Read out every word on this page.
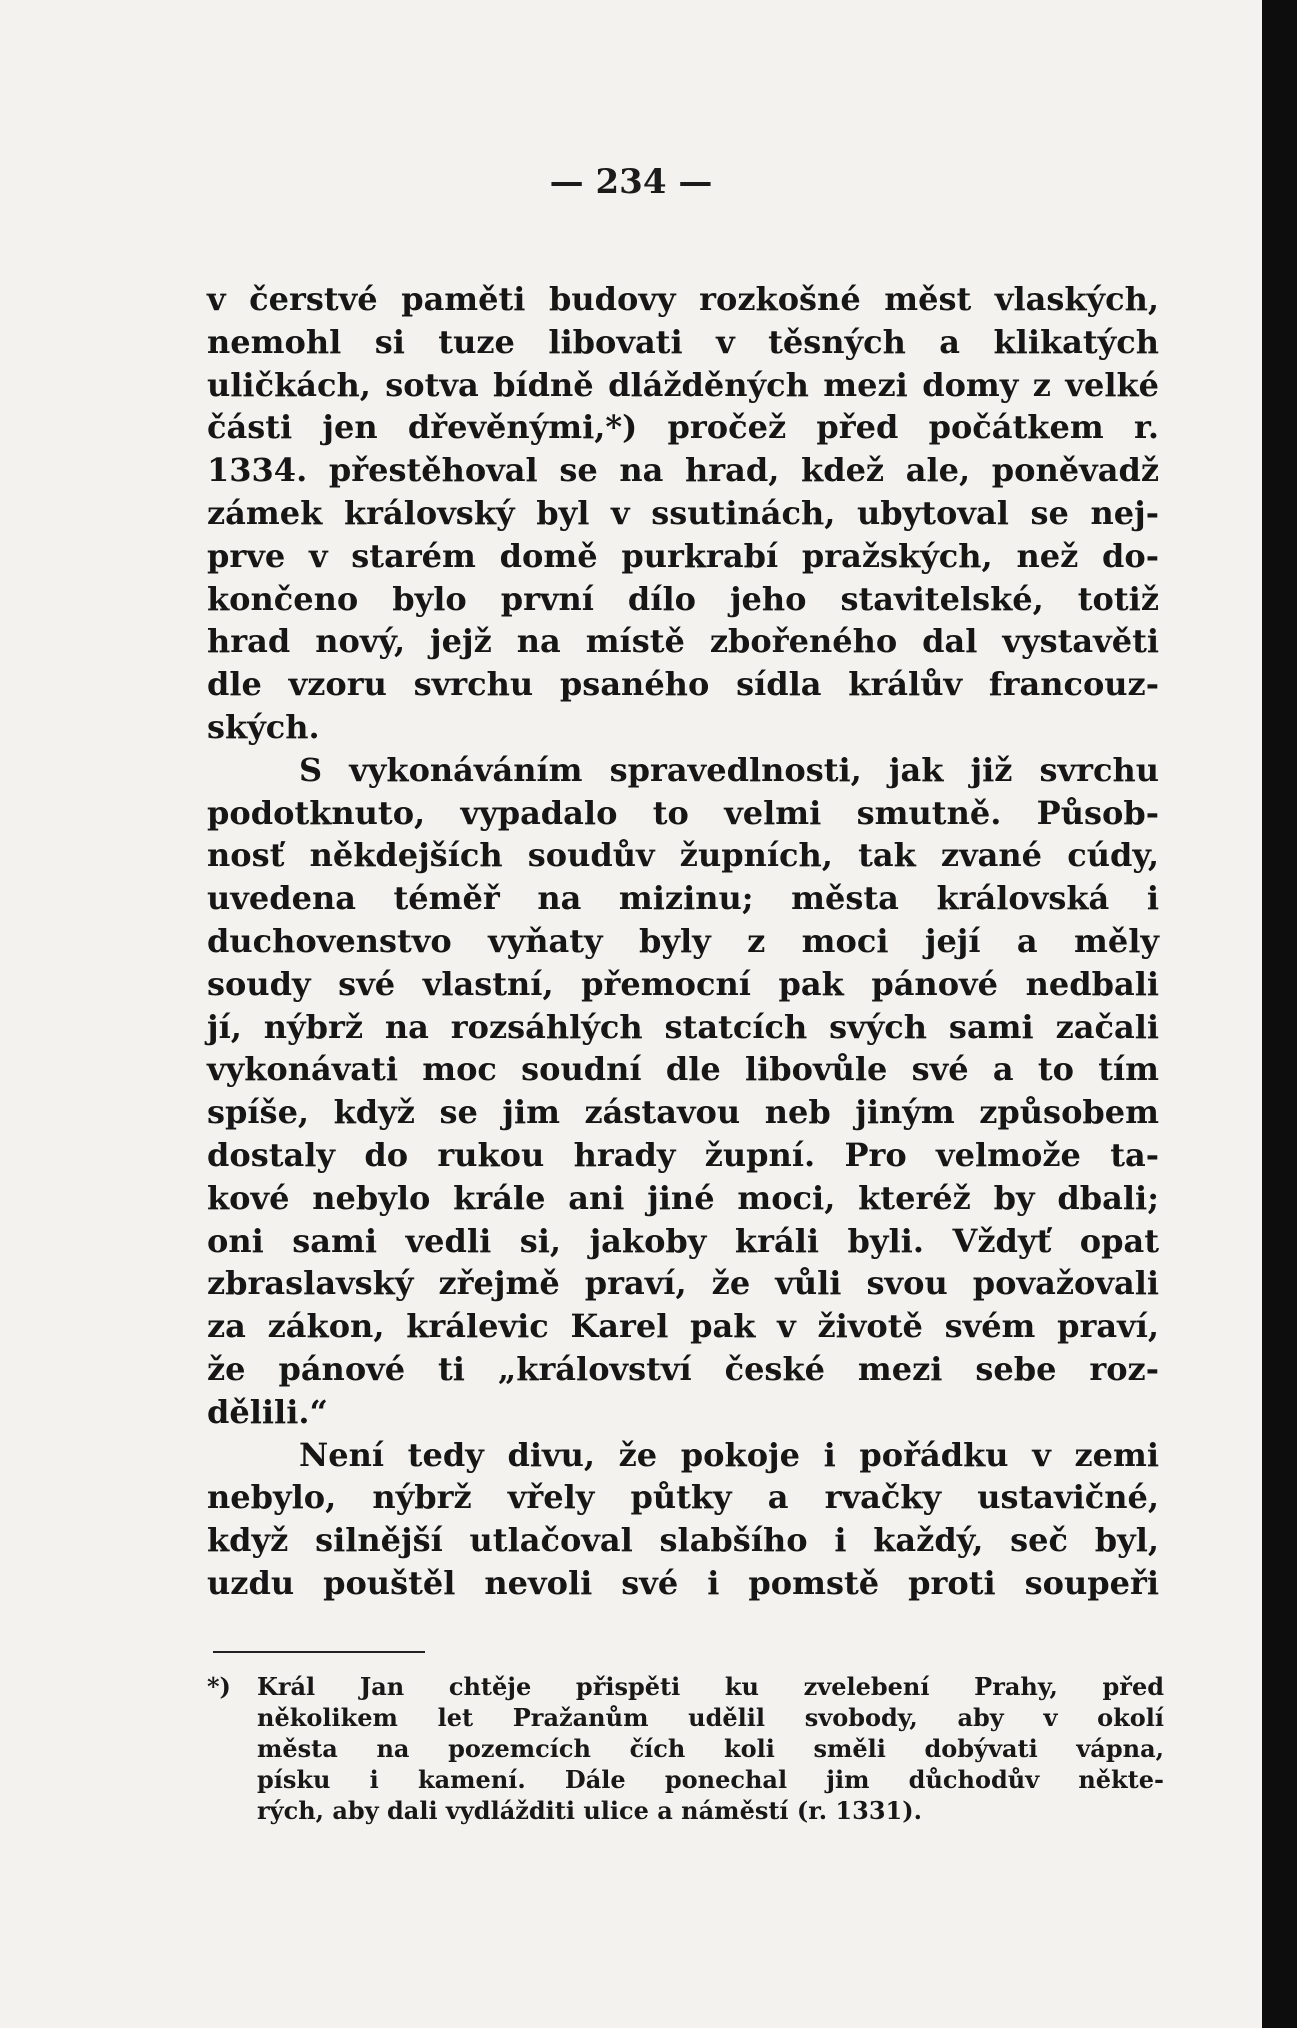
— 234 —
v čerstvé paměti budovy rozkošné měst vlaských,
nemohl si tuze libovati v těsných a klikatých
uličkách, sotva bídně dlážděných mezi domy z velké
části jen dřevěnými,*) pročež před počátkem r.
1334. přestěhoval se na hrad, kdež ale, poněvadž
zámek královský byl v ssutinách, ubytoval se nej-
prve v starém domě purkrabí pražských, než do-
končeno bylo první dílo jeho stavitelské, totiž
hrad nový, jejž na místě zbořeného dal vystavěti
dle vzoru svrchu psaného sídla králův francouz-
ských.
S vykonáváním spravedlnosti, jak již svrchu
podotknuto, vypadalo to velmi smutně. Působ-
nosť někdejších soudův župních, tak zvané cúdy,
uvedena téměř na mizinu; města královská i
duchovenstvo vyňaty byly z moci její a měly
soudy své vlastní, přemocní pak pánové nedbali
jí, nýbrž na rozsáhlých statcích svých sami začali
vykonávati moc soudní dle libovůle své a to tím
spíše, když se jim zástavou neb jiným způsobem
dostaly do rukou hrady župní. Pro velmože ta-
kové nebylo krále ani jiné moci, kteréž by dbali;
oni sami vedli si, jakoby králi byli. Vždyť opat
zbraslavský zřejmě praví, že vůli svou považovali
za zákon, králevic Karel pak v životě svém praví,
že pánové ti „království české mezi sebe roz-
dělili.“
Není tedy divu, že pokoje i pořádku v zemi
nebylo, nýbrž vřely půtky a rvačky ustavičné,
když silnější utlačoval slabšího i každý, seč byl,
uzdu pouštěl nevoli své i pomstě proti soupeři
*) Král Jan chtěje přispěti ku zvelebení Prahy, před
několikem let Pražanům udělil svobody, aby v okolí
města na pozemcích čích koli směli dobývati vápna,
písku i kamení. Dále ponechal jim důchodův někte-
rých, aby dali vydlážditi ulice a náměstí (r. 1331).
